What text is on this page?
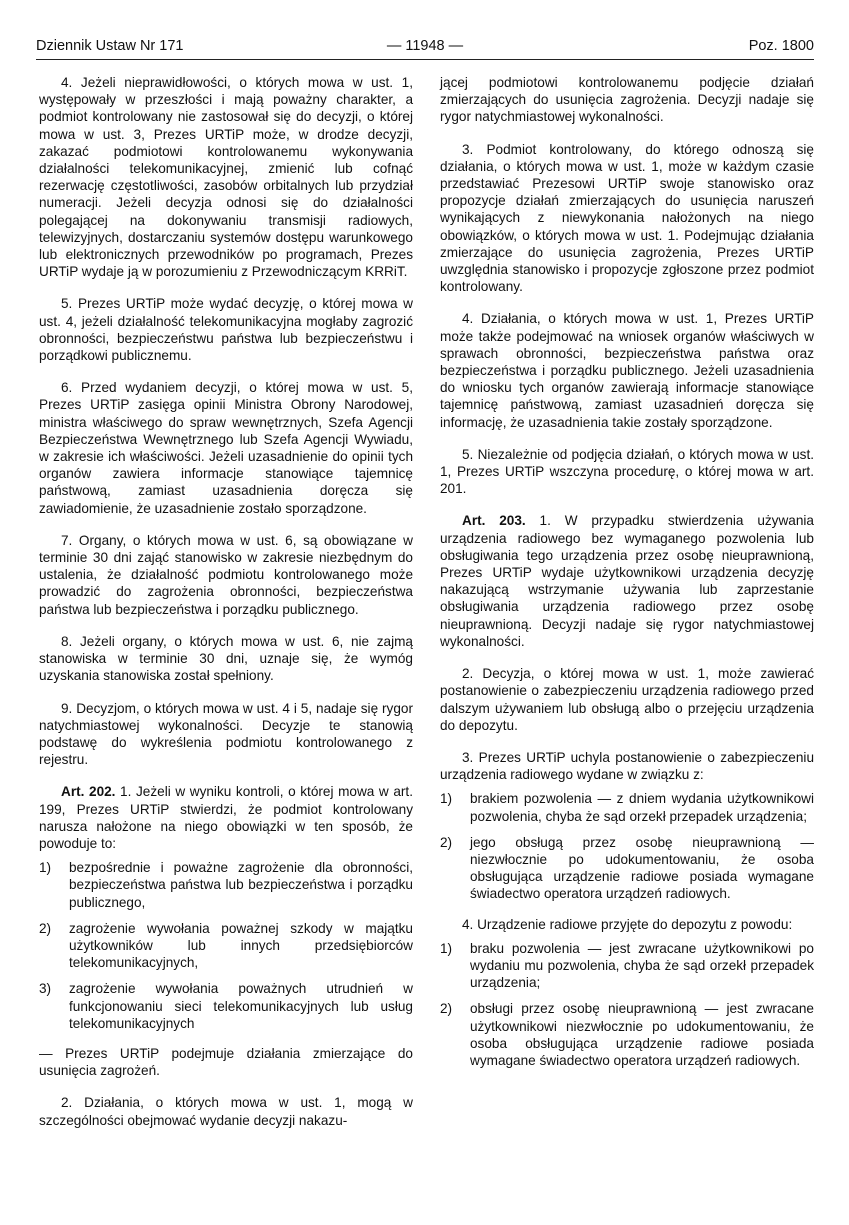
Dziennik Ustaw Nr 171	— 11948 —	Poz. 1800

4. Jeżeli nieprawidłowości, o których mowa w ust. 1, występowały w przeszłości i mają poważny charakter, a podmiot kontrolowany nie zastosował się do decyzji, o której mowa w ust. 3, Prezes URTiP może, w drodze decyzji, zakazać podmiotowi kontrolowanemu wykonywania działalności telekomunikacyjnej, zmienić lub cofnąć rezerwację częstotliwości, zasobów orbitalnych lub przydział numeracji. Jeżeli decyzja odnosi się do działalności polegającej na dokonywaniu transmisji radiowych, telewizyjnych, dostarczaniu systemów dostępu warunkowego lub elektronicznych przewodników po programach, Prezes URTiP wydaje ją w porozumieniu z Przewodniczącym KRRiT.

5. Prezes URTiP może wydać decyzję, o której mowa w ust. 4, jeżeli działalność telekomunikacyjna mogłaby zagrozić obronności, bezpieczeństwu państwa lub bezpieczeństwu i porządkowi publicznemu.

6. Przed wydaniem decyzji, o której mowa w ust. 5, Prezes URTiP zasięga opinii Ministra Obrony Narodowej, ministra właściwego do spraw wewnętrznych, Szefa Agencji Bezpieczeństwa Wewnętrznego lub Szefa Agencji Wywiadu, w zakresie ich właściwości. Jeżeli uzasadnienie do opinii tych organów zawiera informacje stanowiące tajemnicę państwową, zamiast uzasadnienia doręcza się zawiadomienie, że uzasadnienie zostało sporządzone.

7. Organy, o których mowa w ust. 6, są obowiązane w terminie 30 dni zająć stanowisko w zakresie niezbędnym do ustalenia, że działalność podmiotu kontrolowanego może prowadzić do zagrożenia obronności, bezpieczeństwa państwa lub bezpieczeństwa i porządku publicznego.

8. Jeżeli organy, o których mowa w ust. 6, nie zajmą stanowiska w terminie 30 dni, uznaje się, że wymóg uzyskania stanowiska został spełniony.

9. Decyzjom, o których mowa w ust. 4 i 5, nadaje się rygor natychmiastowej wykonalności. Decyzje te stanowią podstawę do wykreślenia podmiotu kontrolowanego z rejestru.

Art. 202. 1. Jeżeli w wyniku kontroli, o której mowa w art. 199, Prezes URTiP stwierdzi, że podmiot kontrolowany narusza nałożone na niego obowiązki w ten sposób, że powoduje to:

1)	bezpośrednie i poważne zagrożenie dla obronności, bezpieczeństwa państwa lub bezpieczeństwa i porządku publicznego,
2)	zagrożenie wywołania poważnej szkody w majątku użytkowników lub innych przedsiębiorców telekomunikacyjnych,
3)	zagrożenie wywołania poważnych utrudnień w funkcjonowaniu sieci telekomunikacyjnych lub usług telekomunikacyjnych

— Prezes URTiP podejmuje działania zmierzające do usunięcia zagrożeń.

2. Działania, o których mowa w ust. 1, mogą w szczególności obejmować wydanie decyzji nakazu-

jącej podmiotowi kontrolowanemu podjęcie działań zmierzających do usunięcia zagrożenia. Decyzji nadaje się rygor natychmiastowej wykonalności.

3. Podmiot kontrolowany, do którego odnoszą się działania, o których mowa w ust. 1, może w każdym czasie przedstawiać Prezesowi URTiP swoje stanowisko oraz propozycje działań zmierzających do usunięcia naruszeń wynikających z niewykonania nałożonych na niego obowiązków, o których mowa w ust. 1. Podejmując działania zmierzające do usunięcia zagrożenia, Prezes URTiP uwzględnia stanowisko i propozycje zgłoszone przez podmiot kontrolowany.

4. Działania, o których mowa w ust. 1, Prezes URTiP może także podejmować na wniosek organów właściwych w sprawach obronności, bezpieczeństwa państwa oraz bezpieczeństwa i porządku publicznego. Jeżeli uzasadnienia do wniosku tych organów zawierają informacje stanowiące tajemnicę państwową, zamiast uzasadnień doręcza się informację, że uzasadnienia takie zostały sporządzone.

5. Niezależnie od podjęcia działań, o których mowa w ust. 1, Prezes URTiP wszczyna procedurę, o której mowa w art. 201.

Art. 203. 1. W przypadku stwierdzenia używania urządzenia radiowego bez wymaganego pozwolenia lub obsługiwania tego urządzenia przez osobę nieuprawnioną, Prezes URTiP wydaje użytkownikowi urządzenia decyzję nakazującą wstrzymanie używania lub zaprzestanie obsługiwania urządzenia radiowego przez osobę nieuprawnioną. Decyzji nadaje się rygor natychmiastowej wykonalności.

2. Decyzja, o której mowa w ust. 1, może zawierać postanowienie o zabezpieczeniu urządzenia radiowego przed dalszym używaniem lub obsługą albo o przejęciu urządzenia do depozytu.

3. Prezes URTiP uchyla postanowienie o zabezpieczeniu urządzenia radiowego wydane w związku z:

1)	brakiem pozwolenia — z dniem wydania użytkownikowi pozwolenia, chyba że sąd orzekł przepadek urządzenia;
2)	jego obsługą przez osobę nieuprawnioną — niezwłocznie po udokumentowaniu, że osoba obsługująca urządzenie radiowe posiada wymagane świadectwo operatora urządzeń radiowych.

4. Urządzenie radiowe przyjęte do depozytu z powodu:

1)	braku pozwolenia — jest zwracane użytkownikowi po wydaniu mu pozwolenia, chyba że sąd orzekł przepadek urządzenia;
2)	obsługi przez osobę nieuprawnioną — jest zwracane użytkownikowi niezwłocznie po udokumentowaniu, że osoba obsługująca urządzenie radiowe posiada wymagane świadectwo operatora urządzeń radiowych.
